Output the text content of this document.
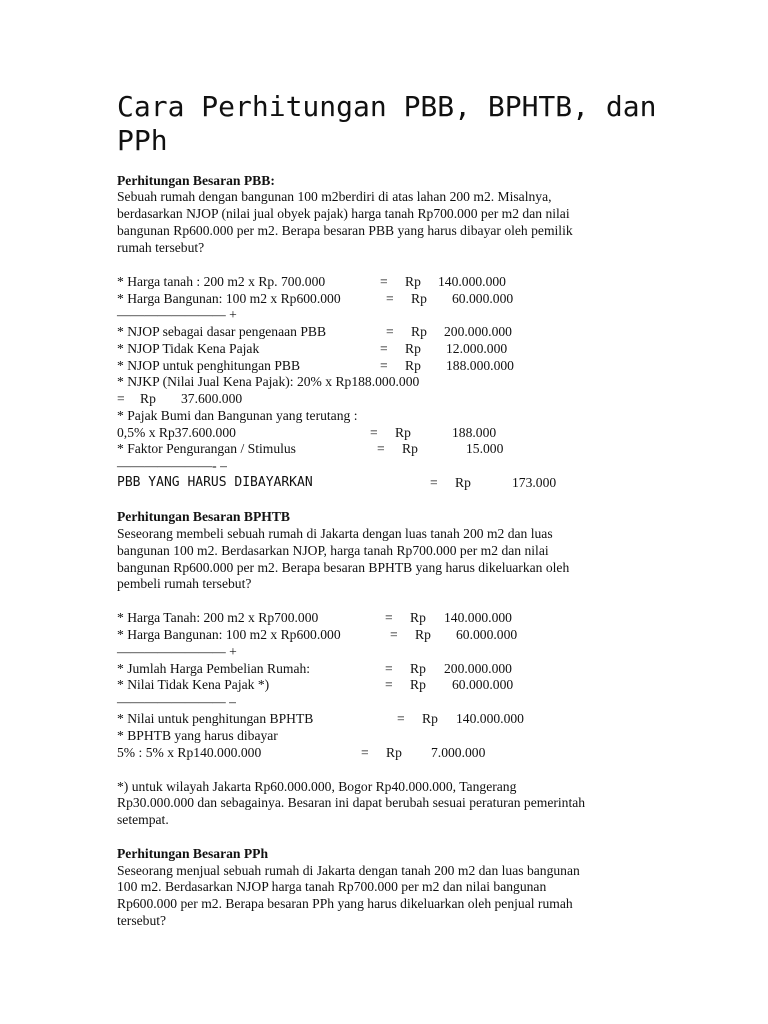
Cara Perhitungan PBB, BPHTB, dan PPh
Perhitungan Besaran PBB:
Sebuah rumah dengan bangunan 100 m2berdiri di atas lahan 200 m2. Misalnya,
berdasarkan NJOP (nilai jual obyek pajak) harga tanah Rp700.000 per m2 dan nilai
bangunan Rp600.000 per m2. Berapa besaran PBB yang harus dibayar oleh pemilik
rumah tersebut?
* Harga tanah : 200 m2 x Rp. 700.000	= Rp 140.000.000
* Harga Bangunan: 100 m2 x Rp600.000	= Rp 60.000.000
———————— +
* NJOP sebagai dasar pengenaan PBB	= Rp 200.000.000
* NJOP Tidak Kena Pajak	= Rp 12.000.000
* NJOP untuk penghitungan PBB	= Rp 188.000.000
* NJKP (Nilai Jual Kena Pajak): 20% x Rp188.000.000
= Rp 37.600.000
* Pajak Bumi dan Bangunan yang terutang :
0,5% x Rp37.600.000	= Rp	188.000
* Faktor Pengurangan / Stimulus	= Rp	15.000
———————- –
PBB YANG HARUS DIBAYARKAN	= Rp	173.000
Perhitungan Besaran BPHTB
Seseorang membeli sebuah rumah di Jakarta dengan luas tanah 200 m2 dan luas
bangunan 100 m2. Berdasarkan NJOP, harga tanah Rp700.000 per m2 dan nilai
bangunan Rp600.000 per m2. Berapa besaran BPHTB yang harus dikeluarkan oleh
pembeli rumah tersebut?
* Harga Tanah: 200 m2 x Rp700.000	= Rp 140.000.000
* Harga Bangunan: 100 m2 x Rp600.000	= Rp 60.000.000
———————— +
* Jumlah Harga Pembelian Rumah:	= Rp 200.000.000
* Nilai Tidak Kena Pajak *)	= Rp 60.000.000
———————— –
* Nilai untuk penghitungan BPHTB	= Rp 140.000.000
* BPHTB yang harus dibayar
5% : 5% x Rp140.000.000	= Rp 7.000.000
*) untuk wilayah Jakarta Rp60.000.000, Bogor Rp40.000.000, Tangerang
Rp30.000.000 dan sebagainya. Besaran ini dapat berubah sesuai peraturan pemerintah
setempat.
Perhitungan Besaran PPh
Seseorang menjual sebuah rumah di Jakarta dengan tanah 200 m2 dan luas bangunan
100 m2. Berdasarkan NJOP harga tanah Rp700.000 per m2 dan nilai bangunan
Rp600.000 per m2. Berapa besaran PPh yang harus dikeluarkan oleh penjual rumah
tersebut?
